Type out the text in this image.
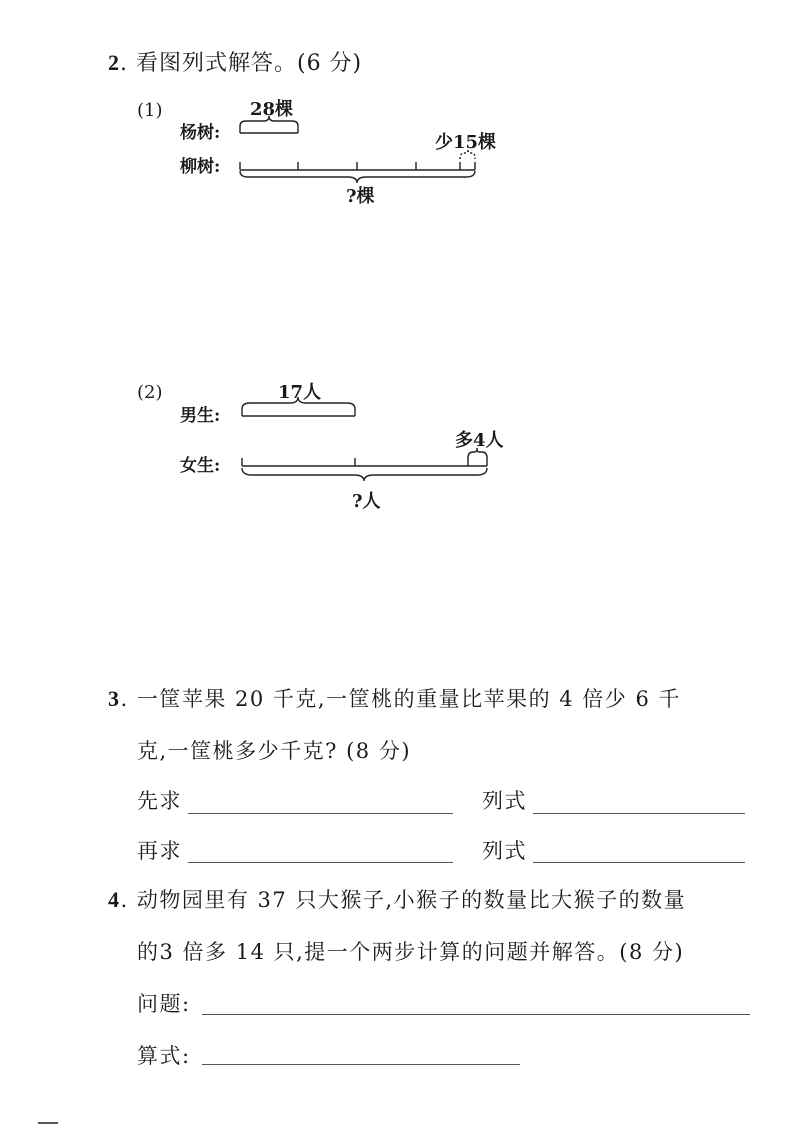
2. 看图列式解答。(6 分)
(1)
杨树:
柳树:
28棵
少15棵
?棵
(2)
男生:
女生:
17人
多4人
?人
3. 一筐苹果 20 千克,一筐桃的重量比苹果的 4 倍少 6 千
克,一筐桃多少千克? (8 分)
先求	列式
再求	列式
4. 动物园里有 37 只大猴子,小猴子的数量比大猴子的数量
的3 倍多 14 只,提一个两步计算的问题并解答。(8 分)
问题:
算式:
